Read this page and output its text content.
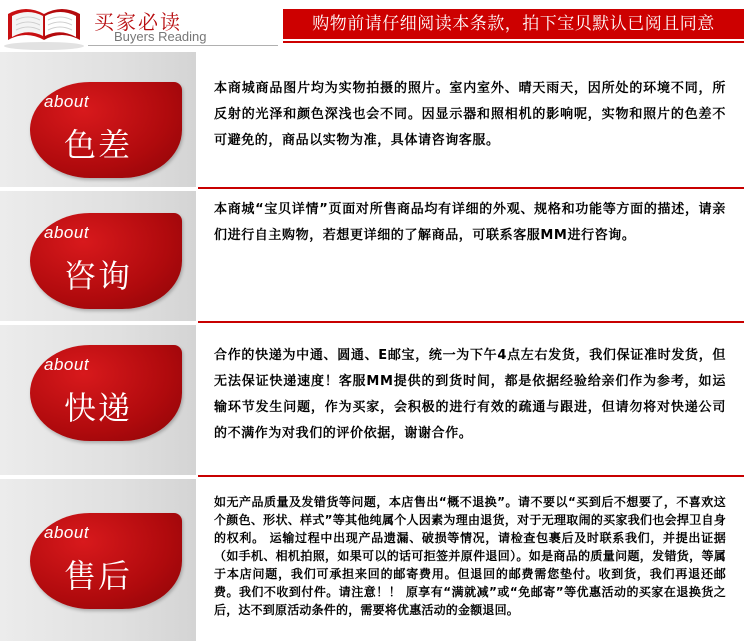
买家必读
Buyers Reading
购物前请仔细阅读本条款，拍下宝贝默认已阅且同意
about
色差
本商城商品图片均为实物拍摄的照片。室内室外、晴天雨天，因所处的环境不同，所反射的光泽和颜色深浅也会不同。因显示器和照相机的影响呢，实物和照片的色差不可避免的，商品以实物为准，具体请咨询客服。
about
咨询
本商城“宝贝详情”页面对所售商品均有详细的外观、规格和功能等方面的描述，请亲们进行自主购物，若想更详细的了解商品，可联系客服MM进行咨询。
about
快递
合作的快递为中通、圆通、E邮宝，统一为下午4点左右发货，我们保证准时发货，但无法保证快递速度！客服MM提供的到货时间，都是依据经验给亲们作为参考，如运输环节发生问题，作为买家，会积极的进行有效的疏通与跟进，但请勿将对快递公司的不满作为对我们的评价依据，谢谢合作。
about
售后
如无产品质量及发错货等问题，本店售出“概不退换”。请不要以“买到后不想要了，不喜欢这个颜色、形状、样式”等其他纯属个人因素为理由退货，对于无理取闹的买家我们也会捍卫自身的权利。 运输过程中出现产品遗漏、破损等情况，请检查包裹后及时联系我们，并提出证据（如手机、相机拍照，如果可以的话可拒签并原件退回）。如是商品的质量问题，发错货，等属于本店问题，我们可承担来回的邮寄费用。但退回的邮费需您垫付。收到货，我们再退还邮费。我们不收到付件。请注意！！ 原享有“满就减”或“免邮寄”等优惠活动的买家在退换货之后，达不到原活动条件的，需要将优惠活动的金额退回。
